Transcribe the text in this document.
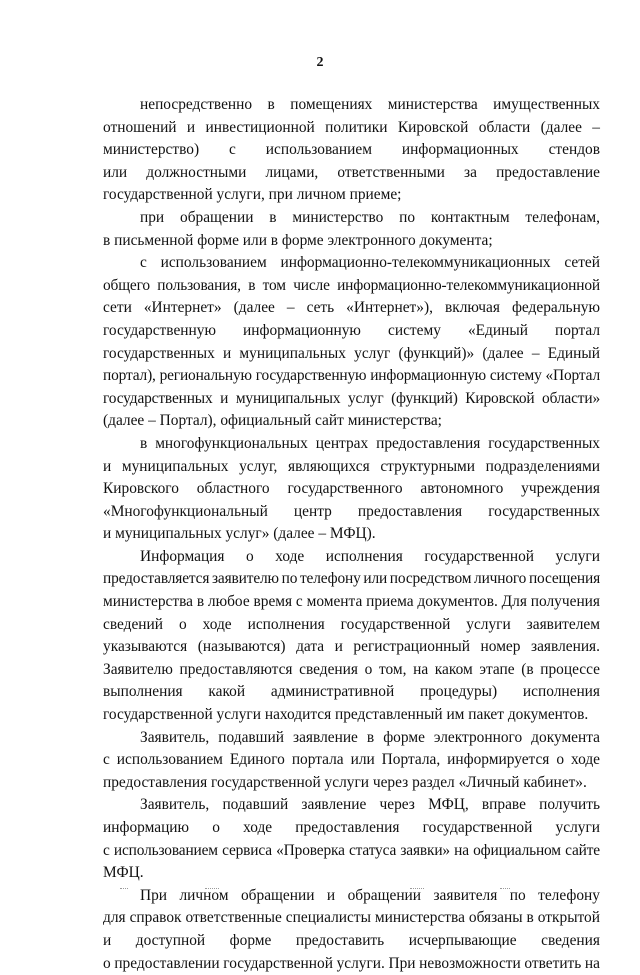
2
непосредственно в помещениях министерства имущественных
отношений и инвестиционной политики Кировской области (далее –
министерство) с использованием информационных стендов
или должностными лицами, ответственными за предоставление
государственной услуги, при личном приеме;
при обращении в министерство по контактным телефонам,
в письменной форме или в форме электронного документа;
с использованием информационно-телекоммуникационных сетей
общего пользования, в том числе информационно-телекоммуникационной
сети «Интернет» (далее – сеть «Интернет»), включая федеральную
государственную информационную систему «Единый портал
государственных и муниципальных услуг (функций)» (далее – Единый
портал), региональную государственную информационную систему «Портал
государственных и муниципальных услуг (функций) Кировской области»
(далее – Портал), официальный сайт министерства;
в многофункциональных центрах предоставления государственных
и муниципальных услуг, являющихся структурными подразделениями
Кировского областного государственного автономного учреждения
«Многофункциональный центр предоставления государственных
и муниципальных услуг» (далее – МФЦ).
Информация о ходе исполнения государственной услуги
предоставляется заявителю по телефону или посредством личного посещения
министерства в любое время с момента приема документов. Для получения
сведений о ходе исполнения государственной услуги заявителем
указываются (называются) дата и регистрационный номер заявления.
Заявителю предоставляются сведения о том, на каком этапе (в процессе
выполнения какой административной процедуры) исполнения
государственной услуги находится представленный им пакет документов.
Заявитель, подавший заявление в форме электронного документа
с использованием Единого портала или Портала, информируется о ходе
предоставления государственной услуги через раздел «Личный кабинет».
Заявитель, подавший заявление через МФЦ, вправе получить
информацию о ходе предоставления государственной услуги
с использованием сервиса «Проверка статуса заявки» на официальном сайте
МФЦ.
При личном обращении и обращении заявителя по телефону
для справок ответственные специалисты министерства обязаны в открытой
и доступной форме предоставить исчерпывающие сведения
о предоставлении государственной услуги. При невозможности ответить на
